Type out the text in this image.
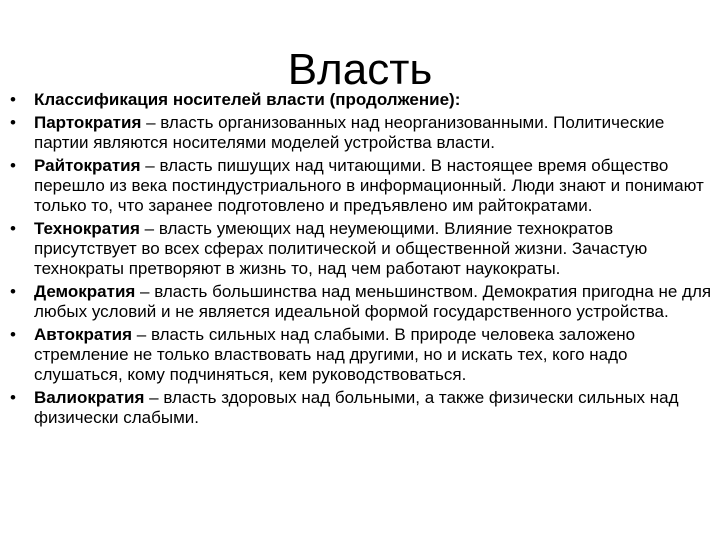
Власть
•	Классификация носителей власти (продолжение):
•	Партократия – власть организованных над неорганизованными. Политические партии являются носителями моделей устройства власти.
•	Райтократия – власть пишущих над читающими. В настоящее время общество перешло из века постиндустриального в информационный. Люди знают и понимают только то, что заранее подготовлено и предъявлено им райтократами.
•	Технократия – власть умеющих над неумеющими. Влияние технократов присутствует во всех сферах политической и общественной жизни. Зачастую технократы претворяют в жизнь то, над чем работают наукократы.
•	Демократия – власть большинства над меньшинством. Демократия пригодна не для любых условий и не является идеальной формой государственного устройства.
•	Автократия – власть сильных над слабыми. В природе человека заложено стремление не только властвовать над другими, но и искать тех, кого надо слушаться, кому подчиняться, кем руководствоваться.
•	Валиократия – власть здоровых над больными, а также физически сильных над физически слабыми.
